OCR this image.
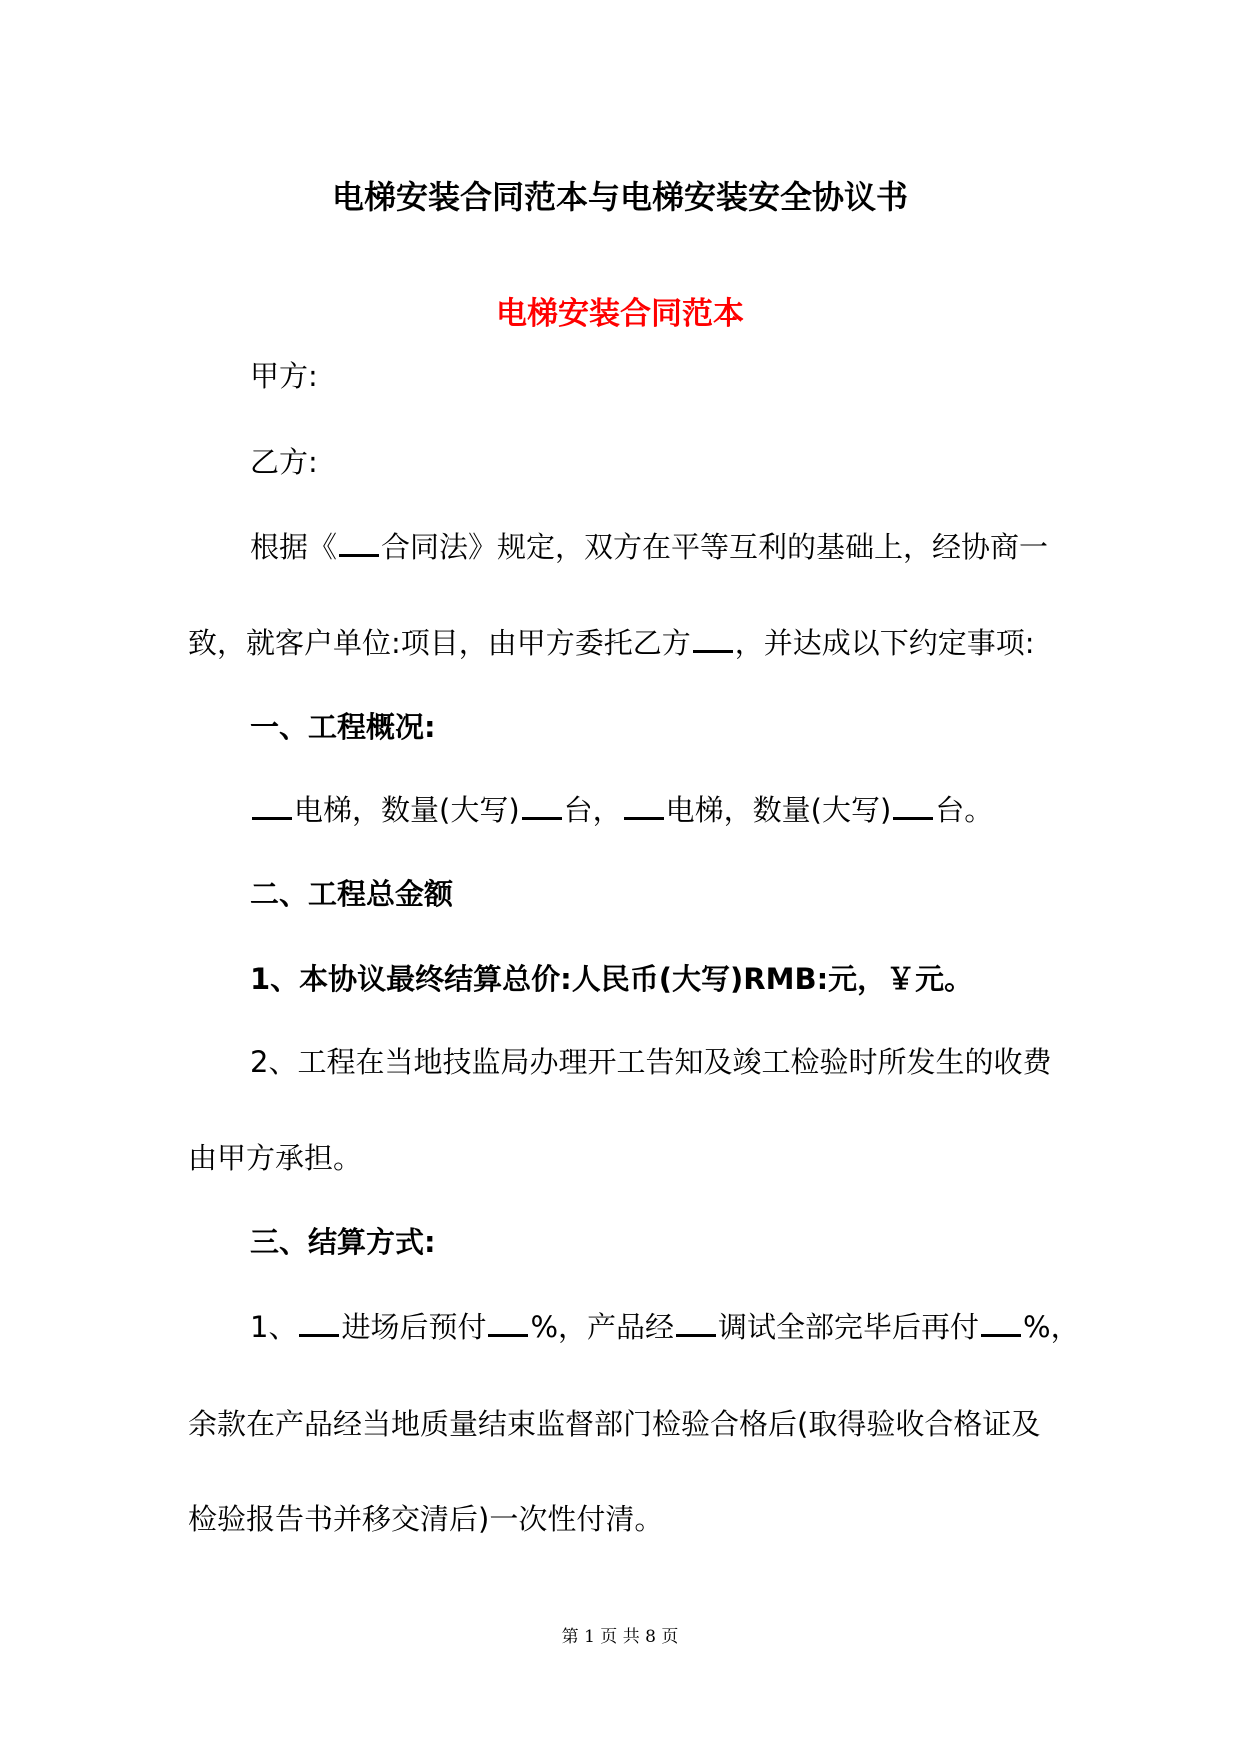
电梯安装合同范本与电梯安装安全协议书
电梯安装合同范本
甲方:
乙方:
根据《 合同法》规定，双方在平等互利的基础上，经协商一
致，就客户单位:项目，由甲方委托乙方 ，并达成以下约定事项:
一、工程概况:
电梯，数量(大写) 台， 电梯，数量(大写) 台。
二、工程总金额
1、本协议最终结算总价:人民币(大写)RMB:元，￥元。
2、工程在当地技监局办理开工告知及竣工检验时所发生的收费
由甲方承担。
三、结算方式:
1、 进场后预付 %，产品经 调试全部完毕后再付 %，
余款在产品经当地质量结束监督部门检验合格后(取得验收合格证及
检验报告书并移交清后)一次性付清。
第 1 页 共 8 页
